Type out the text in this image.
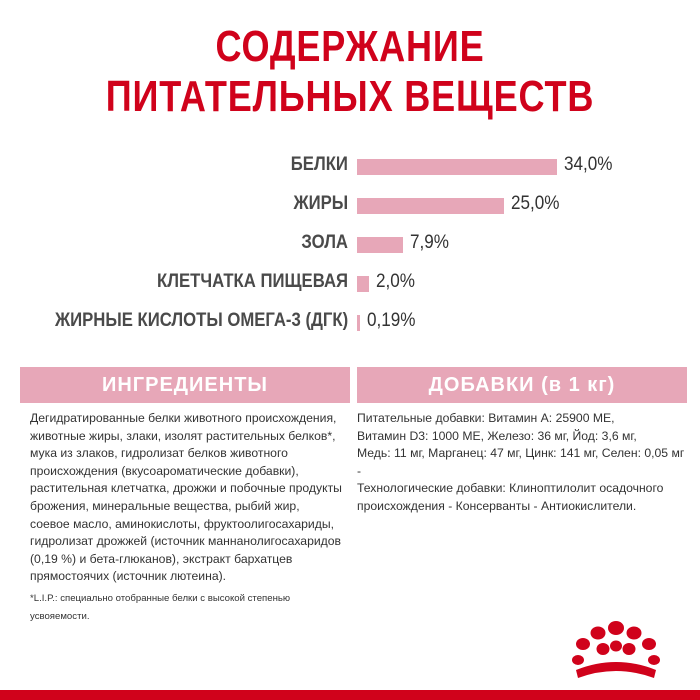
СОДЕРЖАНИЕ
ПИТАТЕЛЬНЫХ ВЕЩЕСТВ
БЕЛКИ	34,0%
ЖИРЫ	25,0%
ЗОЛА	7,9%
КЛЕТЧАТКА ПИЩЕВАЯ 2,0%
ЖИРНЫЕ КИСЛОТЫ ОМЕГА-3 (ДГК) 0,19%
ИНГРЕДИЕНТЫ

Дегидратированные белки животного происхождения,
животные жиры, злаки, изолят растительных белков*,
мука из злаков, гидролизат белков животного
происхождения (вкусоароматические добавки),
растительная клетчатка, дрожжи и побочные продукты
брожения, минеральные вещества, рыбий жир,
соевое масло, аминокислоты, фруктоолигосахариды,
гидролизат дрожжей (источник маннанолигосахаридов
(0,19 %) и бета-глюканов), экстракт бархатцев
прямостоячих (источник лютеина).

*L.I.P.: специально отобранные белки с высокой степенью усвояемости.

ДОБАВКИ (в 1 кг)

Питательные добавки: Витамин A: 25900 МЕ,
Витамин D3: 1000 МЕ, Железо: 36 мг, Йод: 3,6 мг,
Медь: 11 мг, Марганец: 47 мг, Цинк: 141 мг, Селен: 0,05 мг -
Технологические добавки: Клиноптилолит осадочного
происхождения - Консерванты - Антиокислители.
